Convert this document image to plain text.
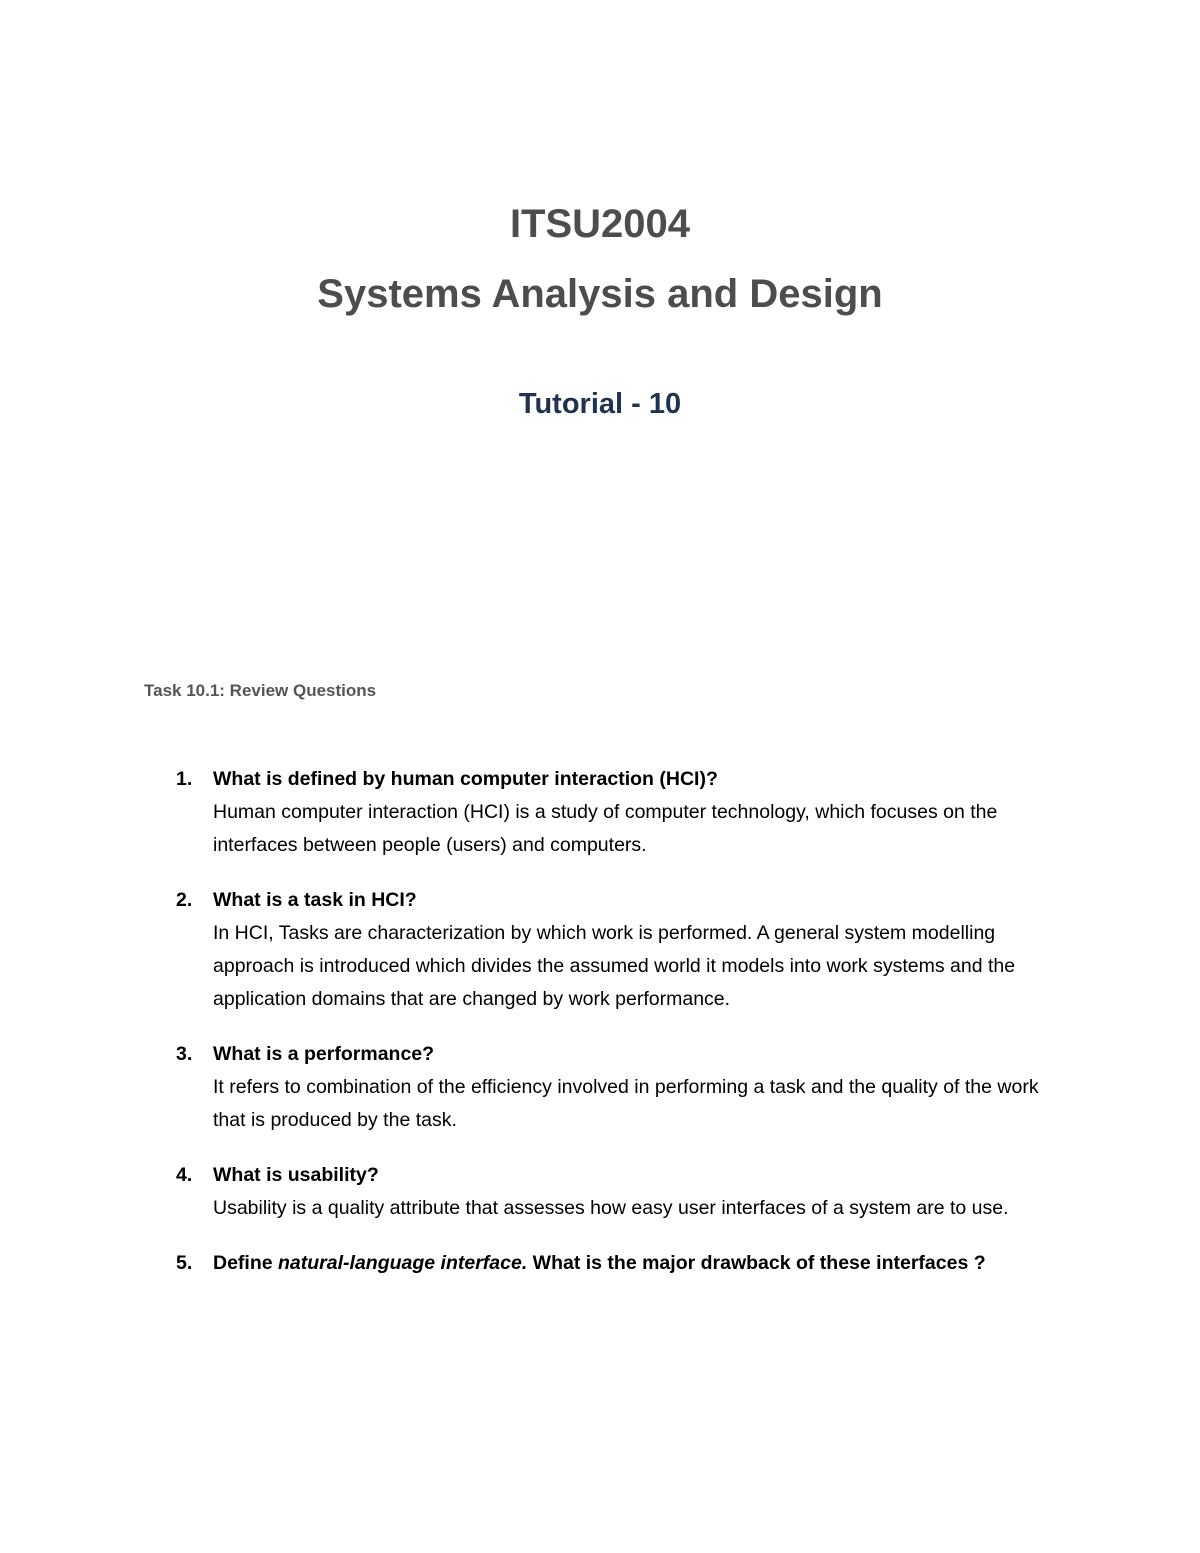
ITSU2004
Systems Analysis and Design
Tutorial - 10
Task 10.1: Review Questions
1. What is defined by human computer interaction (HCI)?
Human computer interaction (HCI) is a study of computer technology, which focuses on the interfaces between people (users) and computers.
2. What is a task in HCI?
In HCI, Tasks are characterization by which work is performed. A general system modelling approach is introduced which divides the assumed world it models into work systems and the application domains that are changed by work performance.
3. What is a performance?
It refers to combination of the efficiency involved in performing a task and the quality of the work that is produced by the task.
4. What is usability?
Usability is a quality attribute that assesses how easy user interfaces of a system are to use.
5. Define natural-language interface. What is the major drawback of these interfaces ?
